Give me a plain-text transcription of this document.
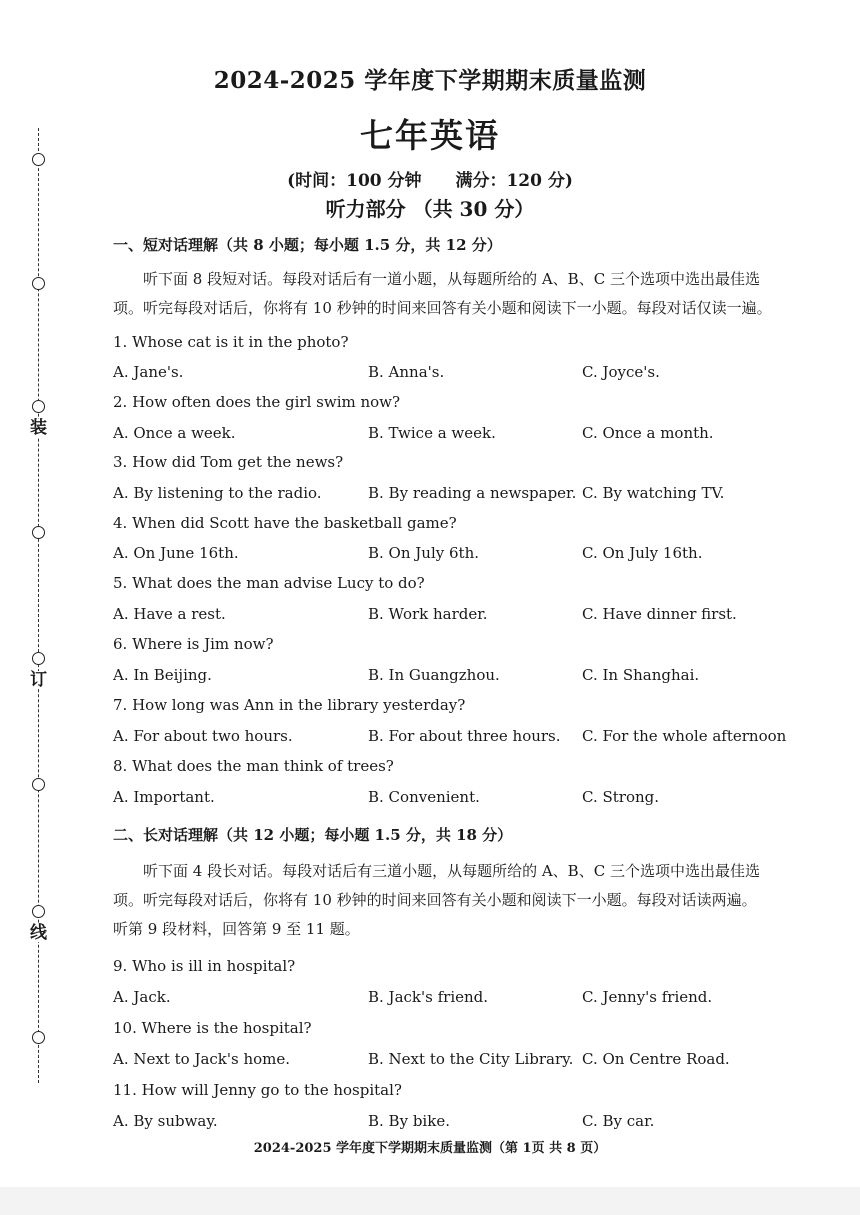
装
订
线
2024-2025 学年度下学期期末质量监测
七年英语
(时间：100 分钟 满分：120 分)
听力部分 （共 30 分）
一、短对话理解（共 8 小题；每小题 1.5 分，共 12 分）
听下面 8 段短对话。每段对话后有一道小题，从每题所给的 A、B、C 三个选项中选出最佳选
项。听完每段对话后，你将有 10 秒钟的时间来回答有关小题和阅读下一小题。每段对话仅读一遍。
1. Whose cat is it in the photo?
A. Jane's.	B. Anna's.	C. Joyce's.
2. How often does the girl swim now?
A. Once a week.	B. Twice a week.	C. Once a month.
3. How did Tom get the news?
A. By listening to the radio.	B. By reading a newspaper. C. By watching TV.
4. When did Scott have the basketball game?
A. On June 16th.	B. On July 6th.	C. On July 16th.
5. What does the man advise Lucy to do?
A. Have a rest.	B. Work harder.	C. Have dinner first.
6. Where is Jim now?
A. In Beijing.	B. In Guangzhou.	C. In Shanghai.
7. How long was Ann in the library yesterday?
A. For about two hours.	B. For about three hours. C. For the whole afternoon
8. What does the man think of trees?
A. Important.	B. Convenient.	C. Strong.
二、长对话理解（共 12 小题；每小题 1.5 分，共 18 分）
听下面 4 段长对话。每段对话后有三道小题，从每题所给的 A、B、C 三个选项中选出最佳选
项。听完每段对话后，你将有 10 秒钟的时间来回答有关小题和阅读下一小题。每段对话读两遍。
听第 9 段材料，回答第 9 至 11 题。
9. Who is ill in hospital?
A. Jack.	B. Jack's friend.	C. Jenny's friend.
10. Where is the hospital?
A. Next to Jack's home.	B. Next to the City Library. C. On Centre Road.
11. How will Jenny go to the hospital?
A. By subway.	B. By bike.	C. By car.
2024-2025 学年度下学期期末质量监测（第 1页 共 8 页）
